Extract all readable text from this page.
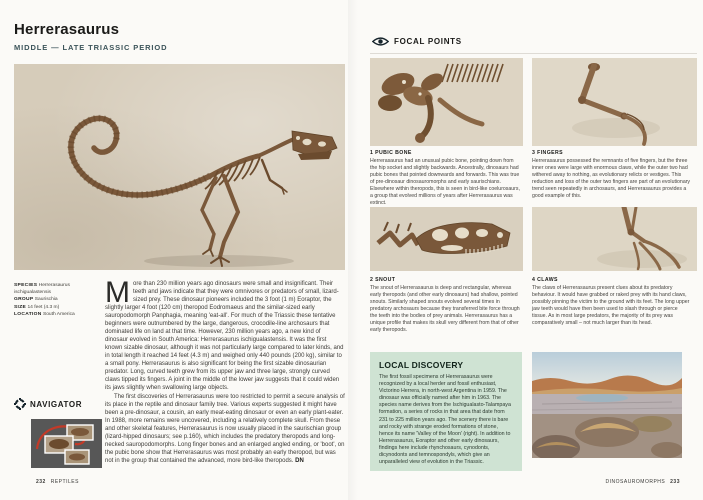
Herrerasaurus
MIDDLE — LATE TRIASSIC PERIOD
SPECIES Herrerasaurus ischigualastensis
GROUP Saurischia
SIZE 14 feet (4.3 m)
LOCATION South America
M ore than 230 million years ago dinosaurs were small and insignificant. Their teeth and jaws indicate that they were omnivores or predators of small, lizard-sized prey. These dinosaur pioneers included the 3 foot (1 m) Eoraptor, the slightly larger 4 foot (120 cm) theropod Eodromaeus and the similar-sized early sauropodomorph Panphagia, meaning 'eat-all'. For much of the Triassic these tentative beginners were outnumbered by the large, dangerous, crocodile-line archosaurs that dominated life on land at that time. However, 230 million years ago, a new kind of dinosaur evolved in South America: Herrerasaurus ischigualastensis. It was the first known sizable dinosaur, although it was not particularly large compared to later kinds, and in total length it reached 14 feet (4.3 m) and weighed only 440 pounds (200 kg), similar to a small pony. Herrerasaurus is also significant for being the first sizable dinosaurian predator. Long, curved teeth grew from its upper jaw and three large, strongly curved claws tipped its fingers. A joint in the middle of the lower jaw suggests that it could widen its jaws slightly when swallowing large objects.

The first discoveries of Herrerasaurus were too restricted to permit a secure analysis of its place in the reptile and dinosaur family tree. Various experts suggested it might have been a pre-dinosaur, a cousin, an early meat-eating dinosaur or even an early plant-eater. In 1988, more remains were uncovered, including a relatively complete skull. From these and other skeletal features, Herrerasaurus is now usually placed in the saurischian group (lizard-hipped dinosaurs; see p.160), which includes the predatory theropods and long-necked sauropodomorphs. Long finger bones and an enlarged angled ending, or 'boot', on the pubic bone show that Herrerasaurus was most probably an early theropod, but was not in the group that contained the advanced, more bird-like theropods. DN

NAVIGATOR
232 REPTILES
FOCAL POINTS
1 PUBIC BONE

Herrerasaurus had an unusual pubic bone, pointing down from the hip socket and slightly backwards. Ancestrally, dinosaurs had pubic bones that pointed downwards and forwards. This was true of pre-dinosaur dinosauromorphs and early saurischians. Elsewhere within theropods, this is seen in bird-like coelurosaurs, a group that evolved millions of years after Herrerasaurus was extinct.

3 FINGERS

Herrerasaurus possessed the remnants of five fingers, but the three inner ones were large with enormous claws, while the outer two had withered away to nothing, as evolutionary relicts or vestiges. This reduction and loss of the outer two fingers are part of an evolutionary trend seen repeatedly in archosaurs, and Herrerasaurus provides a good example of this.

2 SNOUT

The snout of Herrerasaurus is deep and rectangular, whereas early theropods (and other early dinosaurs) had shallow, pointed snouts. Similarly shaped snouts evolved several times in predatory archosaurs because they transferred bite force through the teeth into the bodies of prey animals. Herrerasaurus has a unique profile that makes its skull very different from that of other early theropods.

4 CLAWS

The claws of Herrerasaurus present clues about its predatory behaviour. It would have grabbed or raked prey with its hand claws, possibly pinning the victim to the ground with its feet. The long upper jaw teeth would have then been used to slash through or pierce tissue. As in most large predators, the majority of its prey was comparatively small – not much larger than its head.

LOCAL DISCOVERY

The first fossil specimens of Herrerasaurus were recognized by a local herder and fossil enthusiast, Victorino Herrera, in north-west Argentina in 1959. The dinosaur was officially named after him in 1963. The species name derives from the Ischigualasto-Talampaya formation, a series of rocks in that area that date from 231 to 225 million years ago. The scenery there is bare and rocky with strange eroded formations of stone, hence its name 'Valley of the Moon' (right). In addition to Herrerasaurus, Eoraptor and other early dinosaurs, findings here include rhynchosaurs, cynodonts, dicynodonts and temnospondyls, which give an unparalleled view of evolution in the Triassic.

DINOSAUROMORPHS 233
